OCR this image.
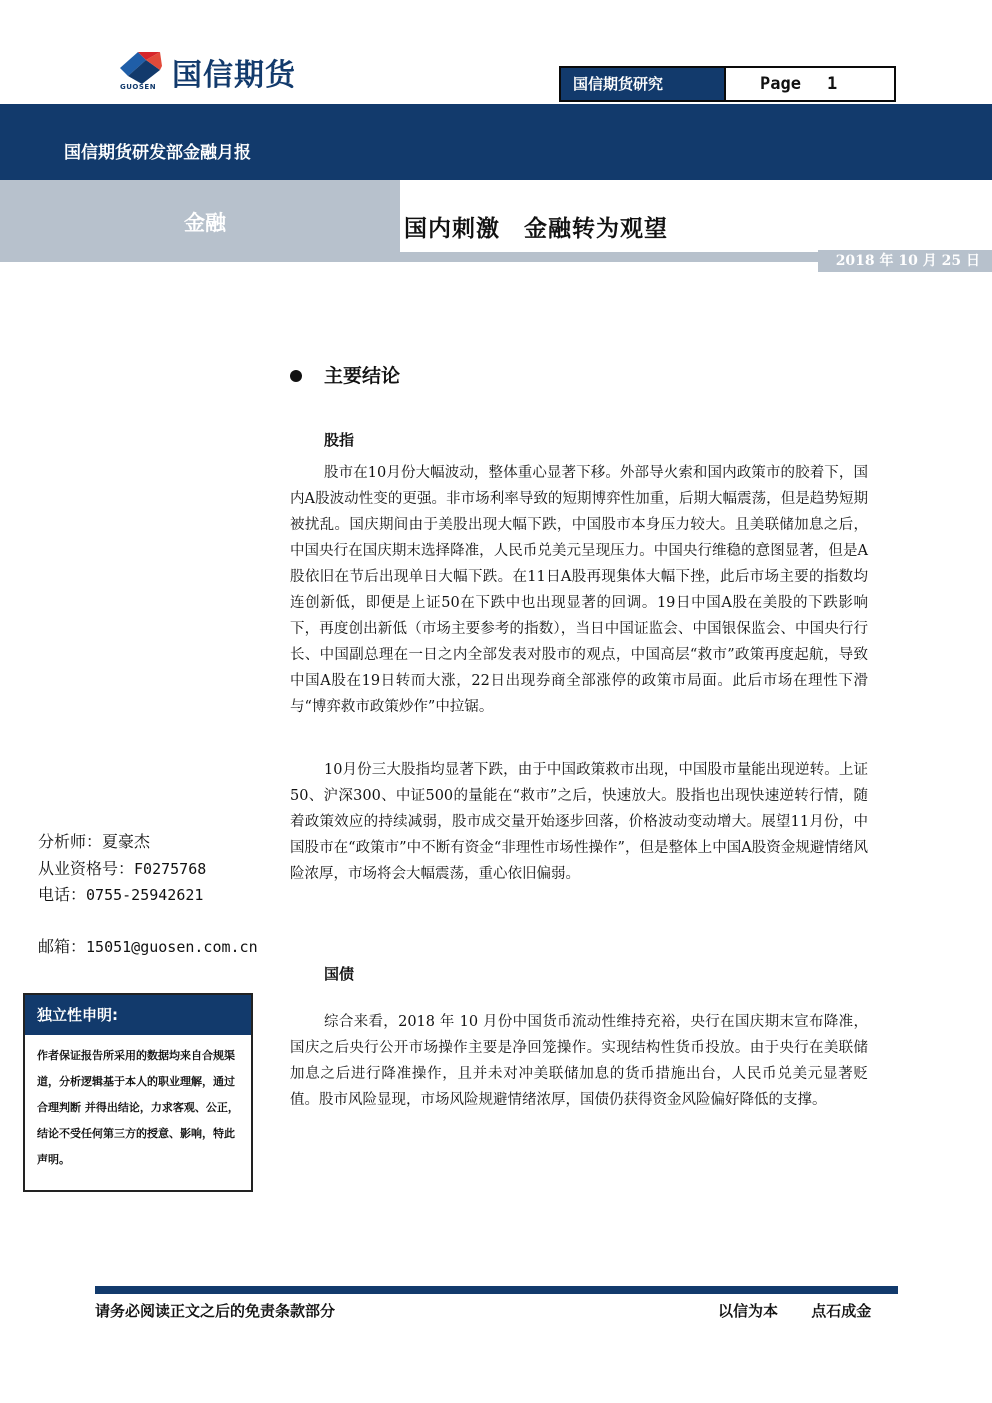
国信期货
GUOSEN	国信期货研究	Page 1
国信期货研发部金融月报
金融	国内刺激　金融转为观望
2018 年 10 月 25 日
主要结论
股指

股市在10月份大幅波动，整体重心显著下移。外部导火索和国内政策市的胶着下，国内A股波动性变的更强。非市场利率导致的短期博弈性加重，后期大幅震荡，但是趋势短期被扰乱。国庆期间由于美股出现大幅下跌，中国股市本身压力较大。且美联储加息之后，中国央行在国庆期末选择降准，人民币兑美元呈现压力。中国央行维稳的意图显著，但是A股依旧在节后出现单日大幅下跌。在11日A股再现集体大幅下挫，此后市场主要的指数均连创新低，即便是上证50在下跌中也出现显著的回调。19日中国A股在美股的下跌影响下，再度创出新低（市场主要参考的指数），当日中国证监会、中国银保监会、中国央行行长、中国副总理在一日之内全部发表对股市的观点，中国高层“救市”政策再度起航，导致中国A股在19日转而大涨，22日出现券商全部涨停的政策市局面。此后市场在理性下滑与“博弈救市政策炒作”中拉锯。

10月份三大股指均显著下跌，由于中国政策救市出现，中国股市量能出现逆转。上证50、沪深300、中证500的量能在“救市”之后，快速放大。股指也出现快速逆转行情，随着政策效应的持续减弱，股市成交量开始逐步回落，价格波动变动增大。展望11月份，中国股市在“政策市”中不断有资金“非理性市场性操作”，但是整体上中国A股资金规避情绪风险浓厚，市场将会大幅震荡，重心依旧偏弱。

国债

综合来看，2018 年 10 月份中国货币流动性维持充裕，央行在国庆期末宣布降准，国庆之后央行公开市场操作主要是净回笼操作。实现结构性货币投放。由于央行在美联储加息之后进行降准操作，且并未对冲美联储加息的货币措施出台，人民币兑美元显著贬值。股市风险显现，市场风险规避情绪浓厚，国债仍获得资金风险偏好降低的支撑。

分析师：夏豪杰
从业资格号：F0275768
电话：0755-25942621
邮箱：15051@guosen.com.cn
独立性申明:
作者保证报告所采用的数据均来自合规渠道，分析逻辑基于本人的职业理解，通过合理判断 并得出结论，力求客观、公正，结论不受任何第三方的授意、影响，特此声明。
请务必阅读正文之后的免责条款部分	以信为本 点石成金
